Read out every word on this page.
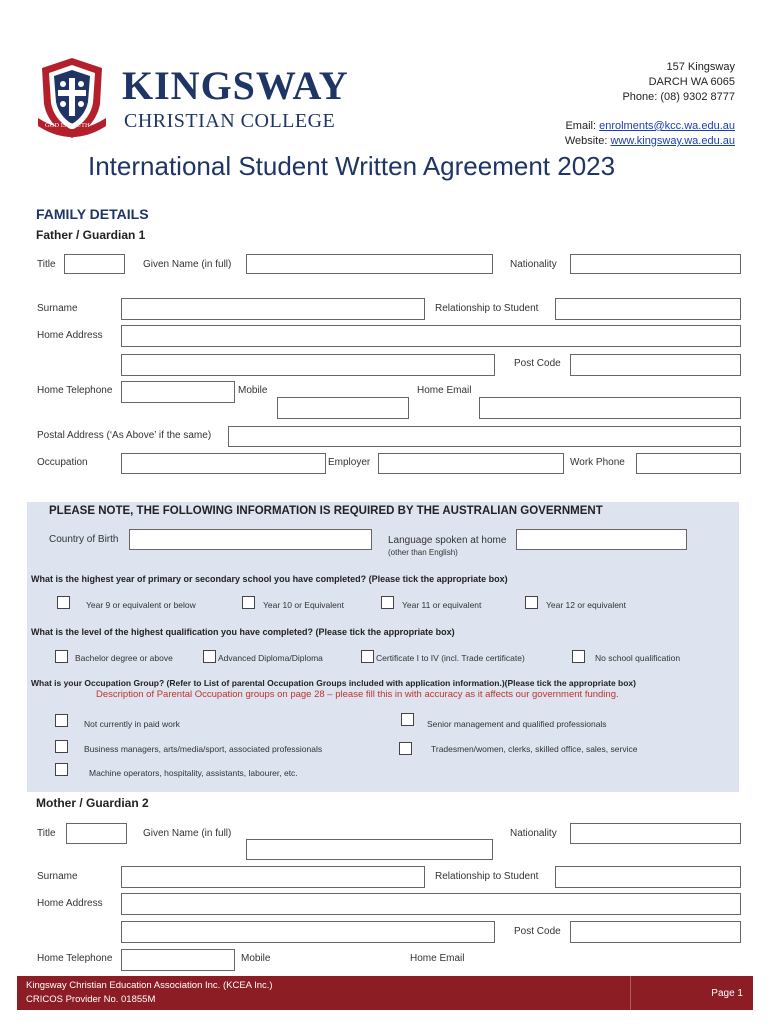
GOD IS TRUTH
KINGSWAY
CHRISTIAN COLLEGE
157 Kingsway
DARCH WA 6065
Phone: (08) 9302 8777
Email: enrolments@kcc.wa.edu.au
Website: www.kingsway.wa.edu.au
International Student Written Agreement 2023
FAMILY DETAILS
Father / Guardian 1
Title	Given Name (in full)	Nationality
Surname	Relationship to Student
Home Address
Post Code
Home Telephone	Mobile	Home Email
Postal Address (‘As Above’ if the same)
Occupation	Employer	Work Phone
PLEASE NOTE, THE FOLLOWING INFORMATION IS REQUIRED BY THE AUSTRALIAN GOVERNMENT
Country of Birth	Language spoken at home
(other than English)
What is the highest year of primary or secondary school you have completed? (Please tick the appropriate box)
Year 9 or equivalent or below	Year 10 or Equivalent	Year 11 or equivalent	Year 12 or equivalent
What is the level of the highest qualification you have completed? (Please tick the appropriate box)
Bachelor degree or above	Advanced Diploma/Diploma	Certificate I to IV (incl. Trade certificate)	No school qualification
What is your Occupation Group? (Refer to List of parental Occupation Groups included with application information.)(Please tick the appropriate box)
Description of Parental Occupation groups on page 28 – please fill this in with accuracy as it affects our government funding.
Not currently in paid work	Senior management and qualified professionals
Business managers, arts/media/sport, associated professionals	Tradesmen/women, clerks, skilled office, sales, service
Machine operators, hospitality, assistants, labourer, etc.
Mother / Guardian 2
Title	Given Name (in full)	Nationality
Surname	Relationship to Student
Home Address
Post Code
Home Telephone	Mobile	Home Email
Kingsway Christian Education Association Inc. (KCEA Inc.)
CRICOS Provider No. 01855M
Page 1
